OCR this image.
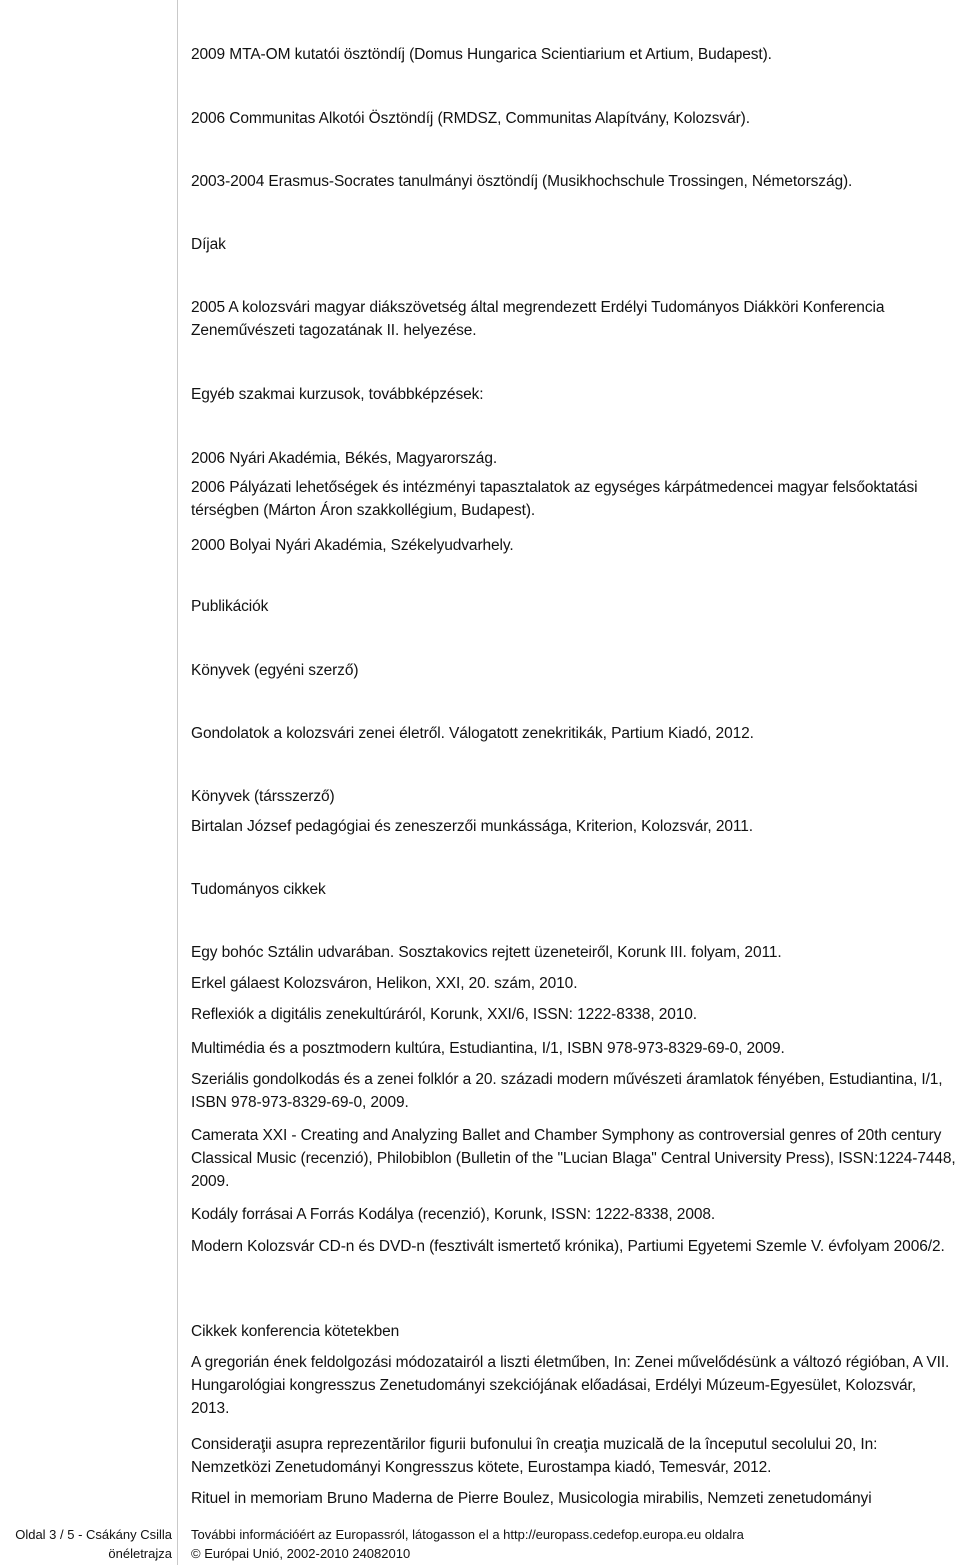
2009 MTA-OM kutatói ösztöndíj (Domus Hungarica Scientiarium et Artium, Budapest).

2006 Communitas Alkotói Ösztöndíj (RMDSZ, Communitas Alapítvány, Kolozsvár).

2003-2004 Erasmus-Socrates tanulmányi ösztöndíj (Musikhochschule Trossingen, Németország).

Díjak

2005 A kolozsvári magyar diákszövetség által megrendezett Erdélyi Tudományos Diákköri Konferencia Zeneművészeti tagozatának II. helyezése.

Egyéb szakmai kurzusok, továbbképzések:

2006 Nyári Akadémia, Békés, Magyarország.

2006 Pályázati lehetőségek és intézményi tapasztalatok az egységes kárpátmedencei magyar felsőoktatási térségben (Márton Áron szakkollégium, Budapest).

2000 Bolyai Nyári Akadémia, Székelyudvarhely.

Publikációk

Könyvek (egyéni szerző)

Gondolatok a kolozsvári zenei életről. Válogatott zenekritikák, Partium Kiadó, 2012.

Könyvek (társszerző)

Birtalan József pedagógiai és zeneszerzői munkássága, Kriterion, Kolozsvár, 2011.

Tudományos cikkek

Egy bohóc Sztálin udvarában. Sosztakovics rejtett üzeneteiről, Korunk III. folyam, 2011.

Erkel gálaest Kolozsváron, Helikon, XXI, 20. szám, 2010.

Reflexiók a digitális zenekultúráról, Korunk, XXI/6, ISSN: 1222-8338, 2010.

Multimédia és a posztmodern kultúra, Estudiantina, I/1, ISBN 978-973-8329-69-0, 2009.

Szeriális gondolkodás és a zenei folklór a 20. századi modern művészeti áramlatok fényében, Estudiantina, I/1, ISBN 978-973-8329-69-0, 2009.

Camerata XXI - Creating and Analyzing Ballet and Chamber Symphony as controversial genres of 20th century Classical Music (recenzió), Philobiblon (Bulletin of the "Lucian Blaga" Central University Press), ISSN:1224-7448, 2009.

Kodály forrásai A Forrás Kodálya (recenzió), Korunk, ISSN: 1222-8338, 2008.

Modern Kolozsvár CD-n és DVD-n (fesztivált ismertető krónika), Partiumi Egyetemi Szemle V. évfolyam 2006/2.

Cikkek konferencia kötetekben

A gregorián ének feldolgozási módozatairól a liszti életműben, In: Zenei művelődésünk a változó régióban, A VII. Hungarológiai kongresszus Zenetudományi szekciójának előadásai, Erdélyi Múzeum-Egyesület, Kolozsvár, 2013.

Consideraţii asupra reprezentărilor figurii bufonului în creaţia muzicală de la începutul secolului 20, In: Nemzetközi Zenetudományi Kongresszus kötete, Eurostampa kiadó, Temesvár, 2012.

Rituel in memoriam Bruno Maderna de Pierre Boulez, Musicologia mirabilis, Nemzeti zenetudományi

Oldal 3 / 5 - Csákány Csilla
önéletrajza
További információért az Europassról, látogasson el a http://europass.cedefop.europa.eu oldalra
© Európai Unió, 2002-2010 24082010
